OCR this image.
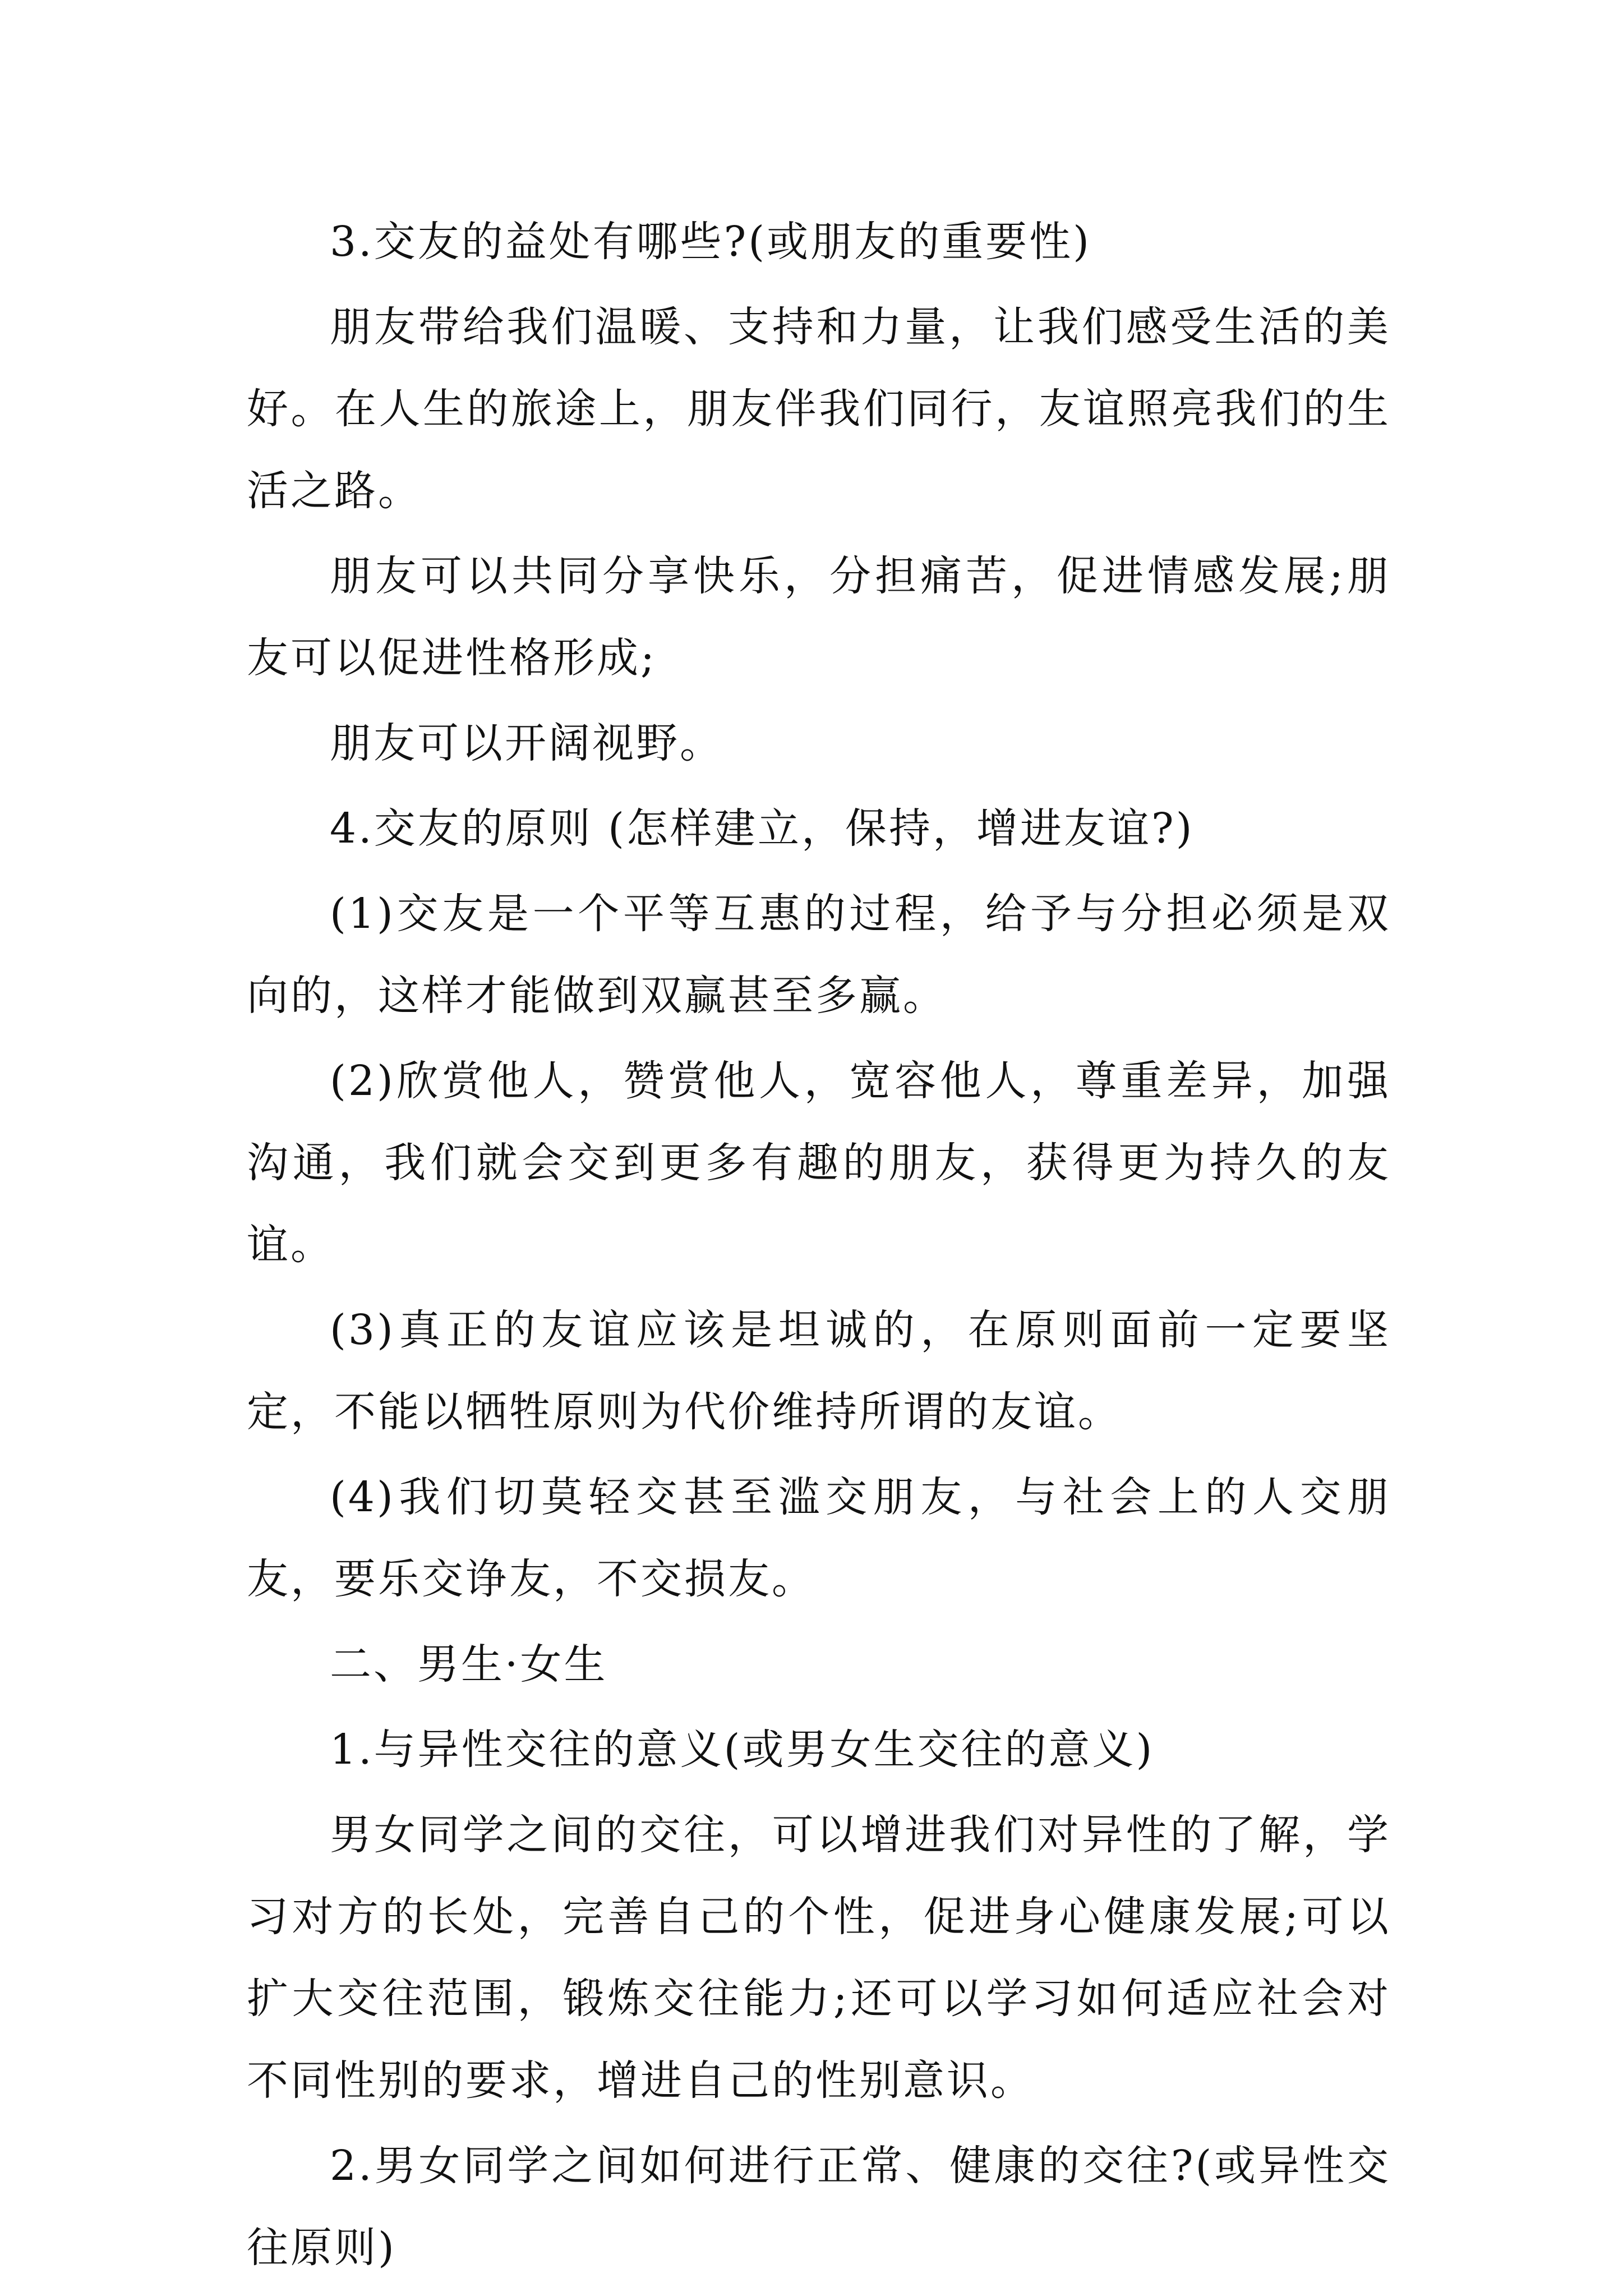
3.交友的益处有哪些?(或朋友的重要性)

朋友带给我们温暖、支持和力量，让我们感受生活的美好。在人生的旅途上，朋友伴我们同行，友谊照亮我们的生活之路。

朋友可以共同分享快乐，分担痛苦，促进情感发展;朋友可以促进性格形成;

朋友可以开阔视野。

4.交友的原则 (怎样建立，保持，增进友谊?)

(1)交友是一个平等互惠的过程，给予与分担必须是双向的，这样才能做到双赢甚至多赢。

(2)欣赏他人，赞赏他人，宽容他人，尊重差异，加强沟通，我们就会交到更多有趣的朋友，获得更为持久的友谊。

(3)真正的友谊应该是坦诚的，在原则面前一定要坚定，不能以牺牲原则为代价维持所谓的友谊。

(4)我们切莫轻交甚至滥交朋友，与社会上的人交朋友，要乐交诤友，不交损友。

二、男生·女生

1.与异性交往的意义(或男女生交往的意义)

男女同学之间的交往，可以增进我们对异性的了解，学习对方的长处，完善自己的个性，促进身心健康发展;可以扩大交往范围，锻炼交往能力;还可以学习如何适应社会对不同性别的要求，增进自己的性别意识。

2.男女同学之间如何进行正常、健康的交往?(或异性交往原则)
